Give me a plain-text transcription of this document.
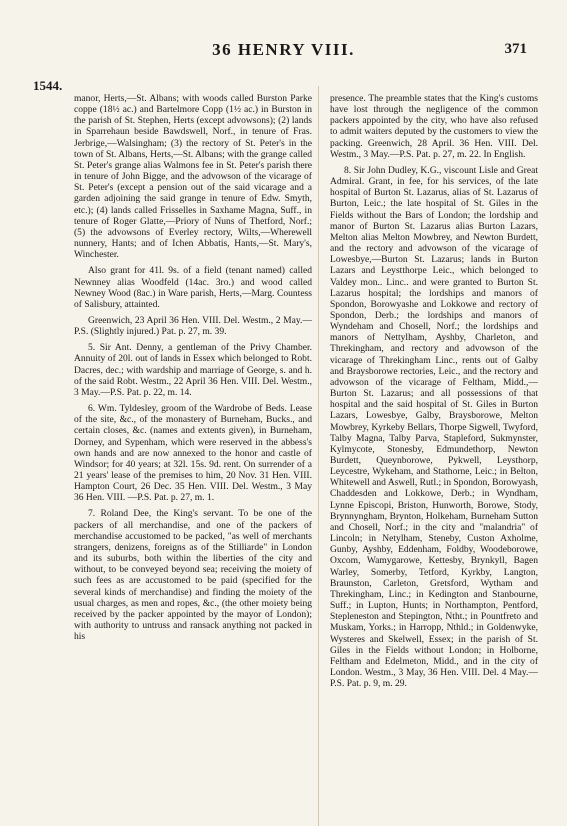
36 HENRY VIII.	371
1544.

manor, Herts,—St. Albans; with woods called Burston Parke coppe (18½ ac.) and Bartelmore Copp (1½ ac.) in Burston in the parish of St. Stephen, Herts (except advowsons); (2) lands in Sparrehaun beside Bawdswell, Norf., in tenure of Fras. Jerbrige,—Walsingham; (3) the rectory of St. Peter's in the town of St. Albans, Herts,—St. Albans; with the grange called St. Peter's grange alias Walmons fee in St. Peter's parish there in tenure of John Bigge, and the advowson of the vicarage of St. Peter's (except a pension out of the said vicarage and a garden adjoining the said grange in tenure of Edw. Smyth, etc.); (4) lands called Frisselles in Saxhame Magna, Suff., in tenure of Roger Glatte,—Priory of Nuns of Thetford, Norf.; (5) the advowsons of Everley rectory, Wilts,—Wherewell nunnery, Hants; and of Ichen Abbatis, Hants,—St. Mary's, Winchester.

Also grant for 41l. 9s. of a field (tenant named) called Newnney alias Woodfeld (14ac. 3ro.) and wood called Newney Wood (8ac.) in Ware parish, Herts,—Marg. Countess of Salisbury, attainted.

Greenwich, 23 April 36 Hen. VIII. Del. Westm., 2 May.—P.S. (Slightly injured.) Pat. p. 27, m. 39.

5. Sir Ant. Denny, a gentleman of the Privy Chamber. Annuity of 20l. out of lands in Essex which belonged to Robt. Dacres, dec.; with wardship and marriage of George, s. and h. of the said Robt. Westm., 22 April 36 Hen. VIII. Del. Westm., 3 May.—P.S. Pat. p. 22, m. 14.

6. Wm. Tyldesley, groom of the Wardrobe of Beds. Lease of the site, &c., of the monastery of Burneham, Bucks., and certain closes, &c. (names and extents given), in Burneham, Dorney, and Sypenham, which were reserved in the abbess's own hands and are now annexed to the honor and castle of Windsor; for 40 years; at 32l. 15s. 9d. rent. On surrender of a 21 years' lease of the premises to him, 20 Nov. 31 Hen. VIII. Hampton Court, 26 Dec. 35 Hen. VIII. Del. Westm., 3 May 36 Hen. VIII. —P.S. Pat. p. 27, m. 1.

7. Roland Dee, the King's servant. To be one of the packers of all merchandise, and one of the packers of merchandise accustomed to be packed, "as well of merchants strangers, denizens, foreigns as of the Stilliarde" in London and its suburbs, both within the liberties of the city and without, to be conveyed beyond sea; receiving the moiety of such fees as are accustomed to be paid (specified for the several kinds of merchandise) and finding the moiety of the usual charges, as men and ropes, &c., (the other moiety being received by the packer appointed by the mayor of London); with authority to untruss and ransack anything not packed in his

presence. The preamble states that the King's customs have lost through the negligence of the common packers appointed by the city, who have also refused to admit waiters deputed by the customers to view the packing. Greenwich, 28 April. 36 Hen. VIII. Del. Westm., 3 May.—P.S. Pat. p. 27, m. 22. In English.

8. Sir John Dudley, K.G., viscount Lisle and Great Admiral. Grant, in fee, for his services, of the late hospital of Burton St. Lazarus, alias of St. Lazarus of Burton, Leic.; the late hospital of St. Giles in the Fields without the Bars of London; the lordship and manor of Burton St. Lazarus alias Burton Lazars, Melton alias Melton Mowbrey, and Newton Burdett, and the rectory and advowson of the vicarage of Lowesbye,—Burton St. Lazarus; lands in Burton Lazars and Leystthorpe Leic., which belonged to Valdey mon.. Linc.. and were granted to Burton St. Lazarus hospital; the lordships and manors of Spondon, Borowyashe and Lokkowe and rectory of Spondon, Derb.; the lordships and manors of Wyndeham and Chosell, Norf.; the lordships and manors of Nettylham, Ayshby, Charleton, and Threkingham, and rectory and advowson of the vicarage of Threkingham Linc., rents out of Galby and Braysborowe rectories, Leic., and the rectory and advowson of the vicarage of Feltham, Midd.,—Burton St. Lazarus; and all possessions of that hospital and the said hospital of St. Giles in Burton Lazars, Lowesbye, Galby, Braysborowe, Melton Mowbrey, Kyrkeby Bellars, Thorpe Sigwell, Twyford, Talby Magna, Talby Parva, Stapleford, Sukmynster, Kylmycote, Stonesby, Edmundethorp, Newton Burdett, Queynborowe, Pykwell, Leysthorp, Leycestre, Wykeham, and Stathorne, Leic.; in Belton, Whitewell and Aswell, Rutl.; in Spondon, Borowyash, Chaddesden and Lokkowe, Derb.; in Wyndham, Lynne Episcopi, Briston, Hunworth, Borowe, Stody, Brynnyngham, Brynton, Holkeham, Burneham Sutton and Chosell, Norf.; in the city and "malandria" of Lincoln; in Netylham, Steneby, Custon Axholme, Gunby, Ayshby, Eddenham, Foldby, Woodeborowe, Oxcom, Wamygarowe, Kettesby, Brynkyll, Bagen Warley, Somerby, Tetford, Kyrkby, Langton, Braunston, Carleton, Gretsford, Wytham and Threkingham, Linc.; in Kedington and Stanbourne, Suff.; in Lupton, Hunts; in Northampton, Pentford, Stepleneston and Stepington, Ntht.; in Pountfreto and Muskam, Yorks.; in Harropp, Nthld.; in Goldenwyke, Wysteres and Skelwell, Essex; in the parish of St. Giles in the Fields without London; in Holborne, Feltham and Edelmeton, Midd., and in the city of London. Westm., 3 May, 36 Hen. VIII. Del. 4 May.—P.S. Pat. p. 9, m. 29.
